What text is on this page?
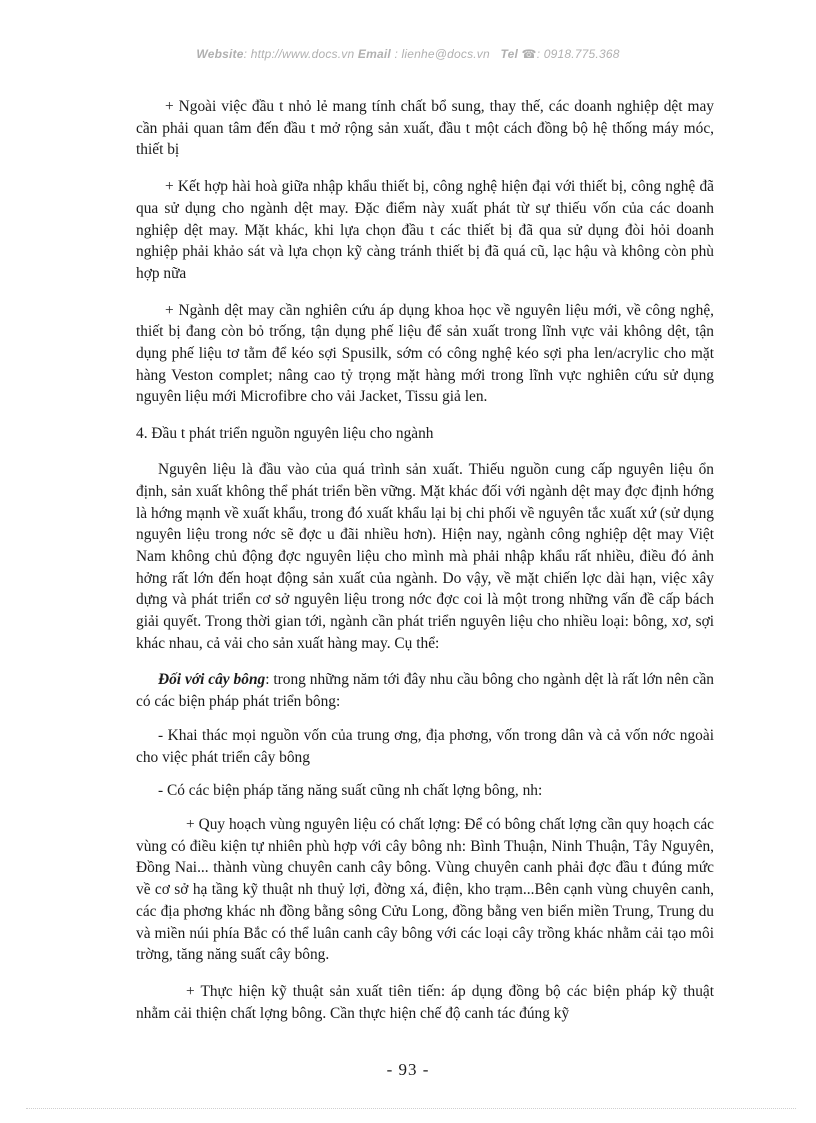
Website: http://www.docs.vn Email : lienhe@docs.vn Tel ☎: 0918.775.368

+ Ngoài việc đầu t nhỏ lẻ mang tính chất bổ sung, thay thế, các doanh nghiệp dệt may cần phải quan tâm đến đầu t mở rộng sản xuất, đầu t một cách đồng bộ hệ thống máy móc, thiết bị

+ Kết hợp hài hoà giữa nhập khẩu thiết bị, công nghệ hiện đại với thiết bị, công nghệ đã qua sử dụng cho ngành dệt may. Đặc điểm này xuất phát từ sự thiếu vốn của các doanh nghiệp dệt may. Mặt khác, khi lựa chọn đầu t các thiết bị đã qua sử dụng đòi hỏi doanh nghiệp phải khảo sát và lựa chọn kỹ càng tránh thiết bị đã quá cũ, lạc hậu và không còn phù hợp nữa

+ Ngành dệt may cần nghiên cứu áp dụng khoa học về nguyên liệu mới, về công nghệ, thiết bị đang còn bỏ trống, tận dụng phế liệu để sản xuất trong lĩnh vực vải không dệt, tận dụng phế liệu tơ tằm để kéo sợi Spusilk, sớm có công nghệ kéo sợi pha len/acrylic cho mặt hàng Veston complet; nâng cao tỷ trọng mặt hàng mới trong lĩnh vực nghiên cứu sử dụng nguyên liệu mới Microfibre cho vải Jacket, Tissu giả len.

4. Đầu t phát triển nguồn nguyên liệu cho ngành

Nguyên liệu là đầu vào của quá trình sản xuất. Thiếu nguồn cung cấp nguyên liệu ổn định, sản xuất không thể phát triển bền vững. Mặt khác đối với ngành dệt may đợc định hớng là hớng mạnh về xuất khẩu, trong đó xuất khẩu lại bị chi phối về nguyên tắc xuất xứ (sử dụng nguyên liệu trong nớc sẽ đợc u đãi nhiều hơn). Hiện nay, ngành công nghiệp dệt may Việt Nam không chủ động đợc nguyên liệu cho mình mà phải nhập khẩu rất nhiều, điều đó ảnh hởng rất lớn đến hoạt động sản xuất của ngành. Do vậy, về mặt chiến lợc dài hạn, việc xây dựng và phát triển cơ sở nguyên liệu trong nớc đợc coi là một trong những vấn đề cấp bách giải quyết. Trong thời gian tới, ngành cần phát triển nguyên liệu cho nhiều loại: bông, xơ, sợi khác nhau, cả vải cho sản xuất hàng may. Cụ thể:

Đối với cây bông: trong những năm tới đây nhu cầu bông cho ngành dệt là rất lớn nên cần có các biện pháp phát triển bông:

- Khai thác mọi nguồn vốn của trung ơng, địa phơng, vốn trong dân và cả vốn nớc ngoài cho việc phát triển cây bông

- Có các biện pháp tăng năng suất cũng nh chất lợng bông, nh:

+ Quy hoạch vùng nguyên liệu có chất lợng: Để có bông chất lợng cần quy hoạch các vùng có điều kiện tự nhiên phù hợp với cây bông nh: Bình Thuận, Ninh Thuận, Tây Nguyên, Đồng Nai... thành vùng chuyên canh cây bông. Vùng chuyên canh phải đợc đầu t đúng mức về cơ sở hạ tầng kỹ thuật nh thuỷ lợi, đờng xá, điện, kho trạm...Bên cạnh vùng chuyên canh, các địa phơng khác nh đồng bằng sông Cửu Long, đồng bằng ven biển miền Trung, Trung du và miền núi phía Bắc có thể luân canh cây bông với các loại cây trồng khác nhằm cải tạo môi trờng, tăng năng suất cây bông.

+ Thực hiện kỹ thuật sản xuất tiên tiến: áp dụng đồng bộ các biện pháp kỹ thuật nhằm cải thiện chất lợng bông. Cần thực hiện chế độ canh tác đúng kỹ

- 93 -
